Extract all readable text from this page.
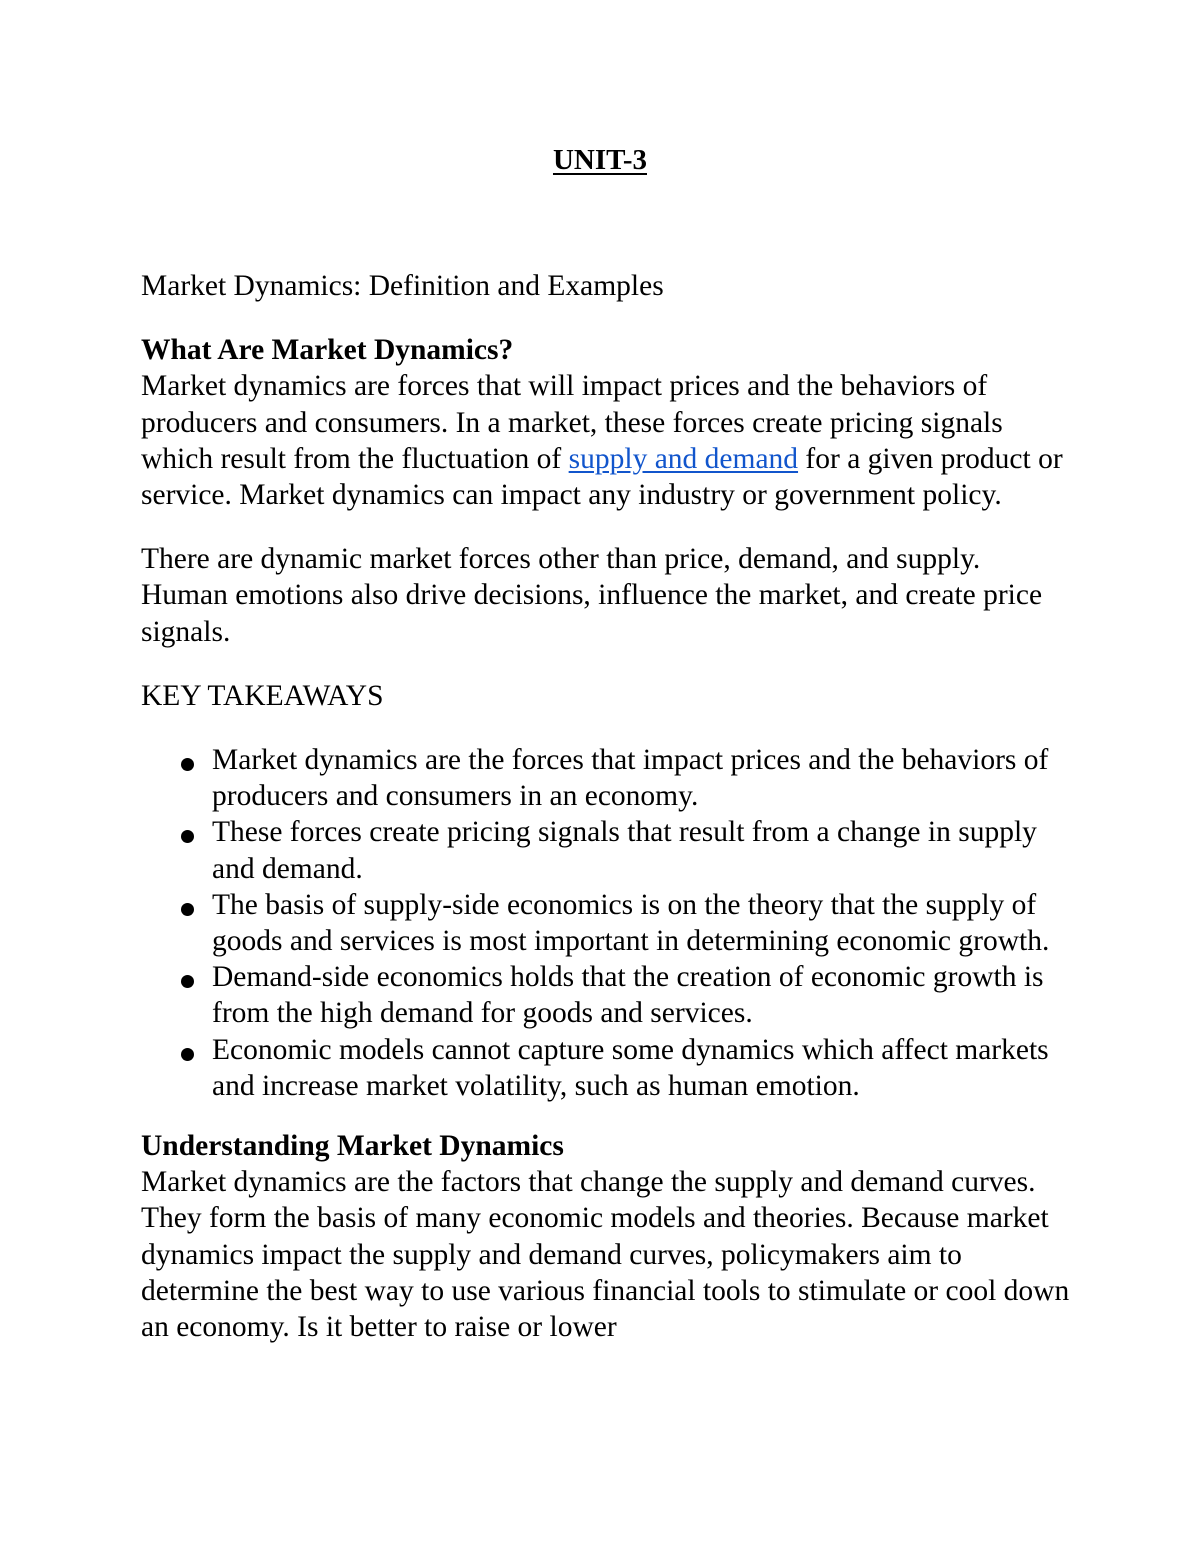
UNIT-3

Market Dynamics: Definition and Examples

What Are Market Dynamics?

Market dynamics are forces that will impact prices and the behaviors of producers and consumers. In a market, these forces create pricing signals which result from the fluctuation of supply and demand for a given product or service. Market dynamics can impact any industry or government policy.

There are dynamic market forces other than price, demand, and supply. Human emotions also drive decisions, influence the market, and create price signals.

KEY TAKEAWAYS

Market dynamics are the forces that impact prices and the behaviors of producers and consumers in an economy.
These forces create pricing signals that result from a change in supply and demand.
The basis of supply-side economics is on the theory that the supply of goods and services is most important in determining economic growth.
Demand-side economics holds that the creation of economic growth is from the high demand for goods and services.
Economic models cannot capture some dynamics which affect markets and increase market volatility, such as human emotion.

Understanding Market Dynamics

Market dynamics are the factors that change the supply and demand curves. They form the basis of many economic models and theories. Because market dynamics impact the supply and demand curves, policymakers aim to determine the best way to use various financial tools to stimulate or cool down an economy. Is it better to raise or lower
